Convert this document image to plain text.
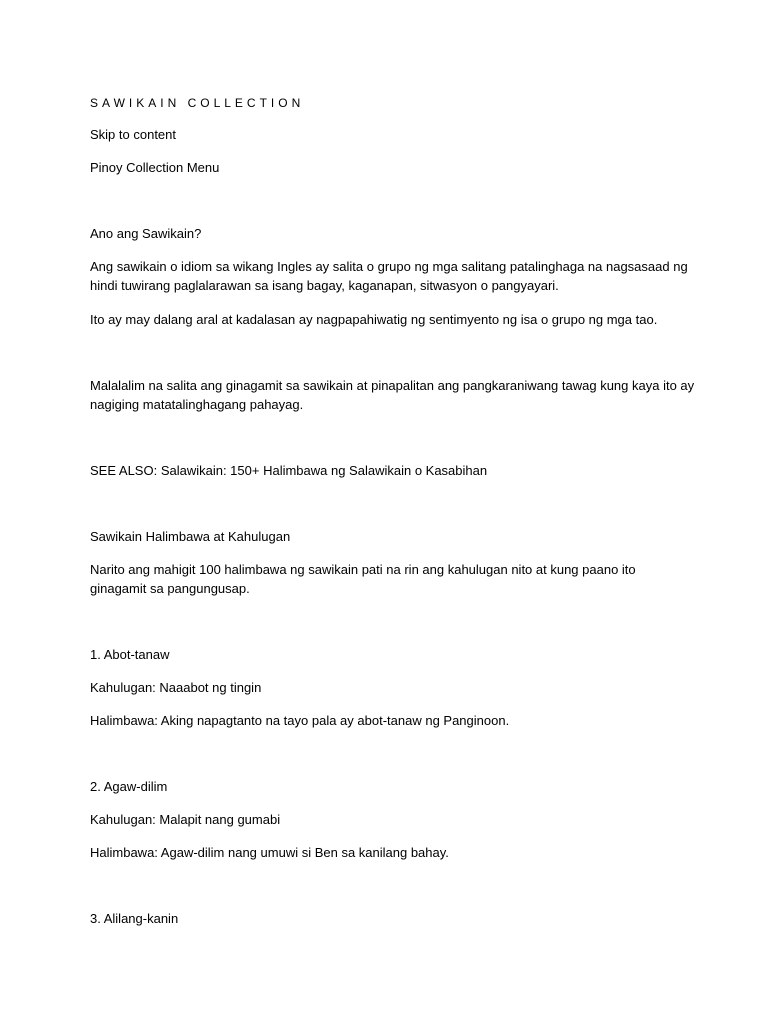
SAWIKAIN COLLECTION

Skip to content

Pinoy Collection Menu

Ano ang Sawikain?

Ang sawikain o idiom sa wikang Ingles ay salita o grupo ng mga salitang patalinghaga na nagsasaad ng

hindi tuwirang paglalarawan sa isang bagay, kaganapan, sitwasyon o pangyayari.

Ito ay may dalang aral at kadalasan ay nagpapahiwatig ng sentimyento ng isa o grupo ng mga tao.

Malalalim na salita ang ginagamit sa sawikain at pinapalitan ang pangkaraniwang tawag kung kaya ito ay

nagiging matatalinghagang pahayag.

SEE ALSO: Salawikain: 150+ Halimbawa ng Salawikain o Kasabihan

Sawikain Halimbawa at Kahulugan

Narito ang mahigit 100 halimbawa ng sawikain pati na rin ang kahulugan nito at kung paano ito

ginagamit sa pangungusap.

1. Abot-tanaw

Kahulugan: Naaabot ng tingin

Halimbawa: Aking napagtanto na tayo pala ay abot-tanaw ng Panginoon.

2. Agaw-dilim

Kahulugan: Malapit nang gumabi

Halimbawa: Agaw-dilim nang umuwi si Ben sa kanilang bahay.

3. Alilang-kanin
